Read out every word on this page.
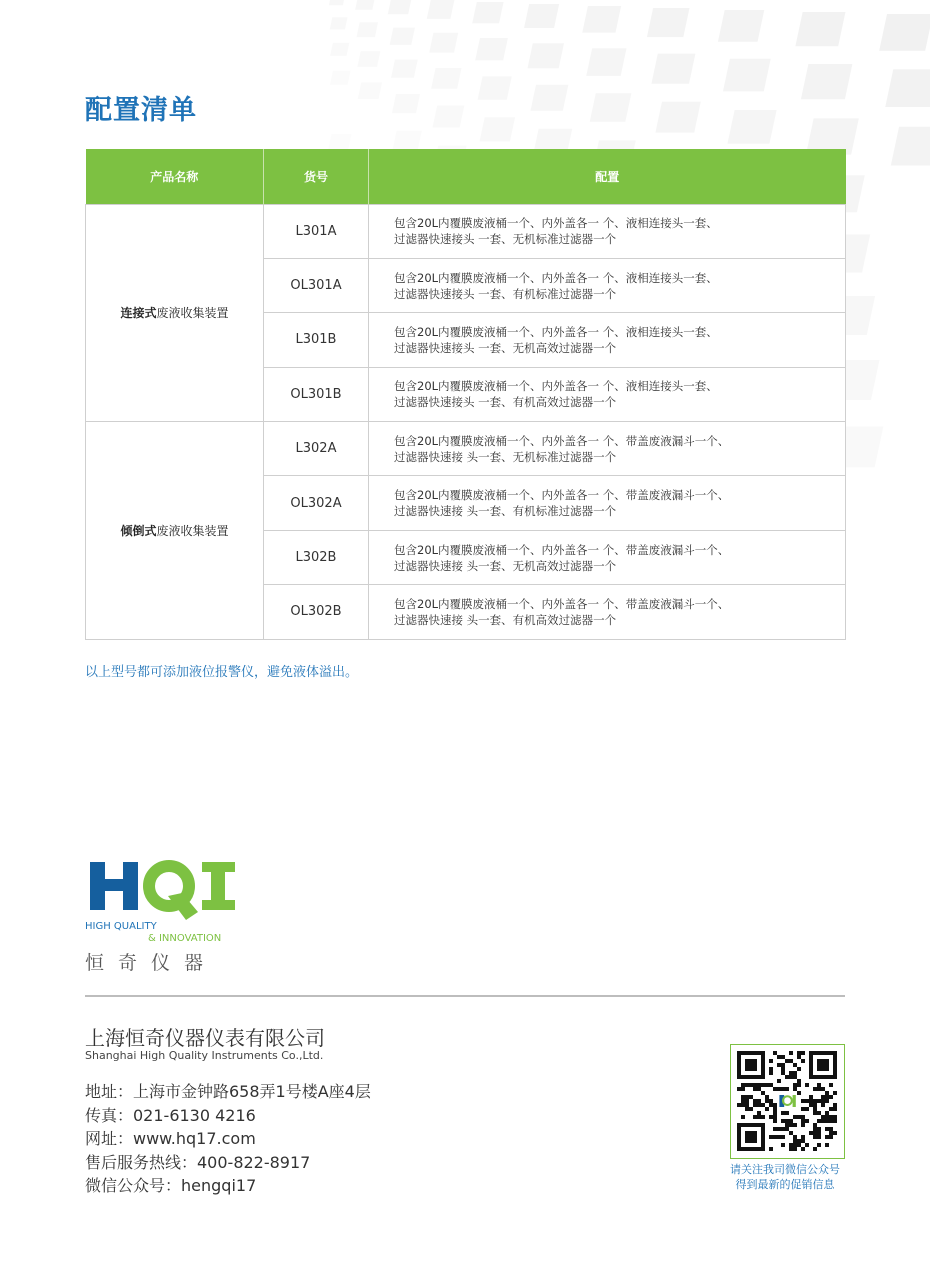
配置清单
产品名称	货号	配置
连接式废液收集装置	L301A	包含20L内覆膜废液桶一个、内外盖各一 个、液相连接头一套、
过滤器快速接头 一套、无机标准过滤器一个

	OL301A	包含20L内覆膜废液桶一个、内外盖各一 个、液相连接头一套、
过滤器快速接头 一套、有机标准过滤器一个

	L301B	包含20L内覆膜废液桶一个、内外盖各一 个、液相连接头一套、
过滤器快速接头 一套、无机高效过滤器一个

	OL301B	包含20L内覆膜废液桶一个、内外盖各一 个、液相连接头一套、
过滤器快速接头 一套、有机高效过滤器一个

倾倒式废液收集装置	L302A	包含20L内覆膜废液桶一个、内外盖各一 个、带盖废液漏斗一个、
过滤器快速接 头一套、无机标准过滤器一个

	OL302A	包含20L内覆膜废液桶一个、内外盖各一 个、带盖废液漏斗一个、
过滤器快速接 头一套、有机标准过滤器一个

	L302B	包含20L内覆膜废液桶一个、内外盖各一 个、带盖废液漏斗一个、
过滤器快速接 头一套、无机高效过滤器一个

	OL302B	包含20L内覆膜废液桶一个、内外盖各一 个、带盖废液漏斗一个、
过滤器快速接 头一套、有机高效过滤器一个

以上型号都可添加液位报警仪，避免液体溢出。

HIGH QUALITY
& INNOVATION
恒奇仪器
上海恒奇仪器仪表有限公司
Shanghai High Quality Instruments Co.,Ltd.
地址：上海市金钟路658弄1号楼A座4层
传真：021-6130 4216
网址：www.hq17.com
售后服务热线：400-822-8917
微信公众号：hengqi17
请关注我司微信公众号
得到最新的促销信息
